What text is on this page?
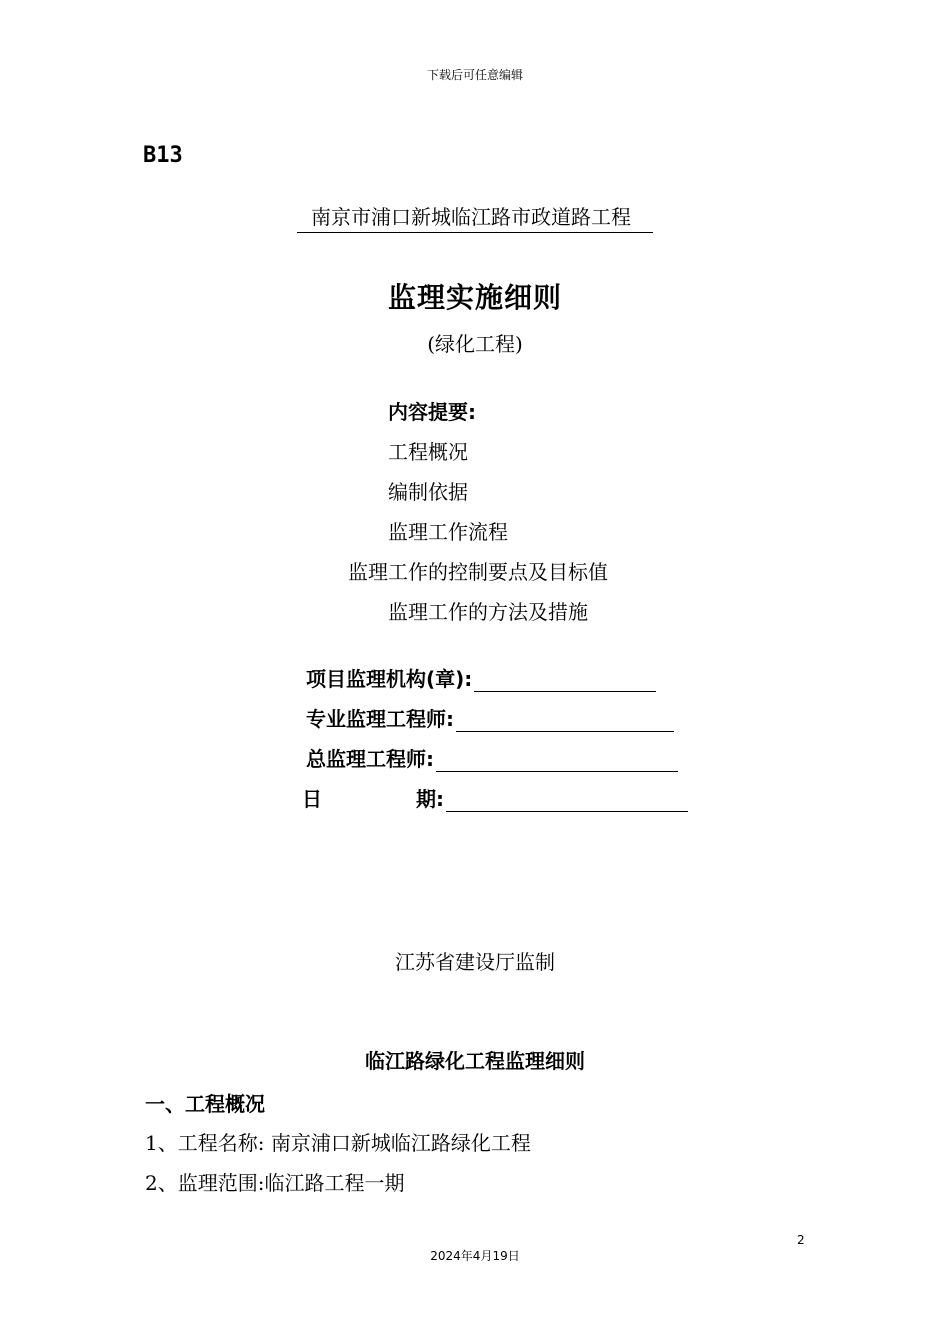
下载后可任意编辑
B13
南京市浦口新城临江路市政道路工程
监理实施细则
(绿化工程)
内容提要:
工程概况
编制依据
监理工作流程
监理工作的控制要点及目标值
监理工作的方法及措施
项目监理机构(章):
专业监理工程师:
总监理工程师:
日	期:
江苏省建设厅监制
临江路绿化工程监理细则
一、工程概况
1、工程名称: 南京浦口新城临江路绿化工程
2、监理范围:临江路工程一期
2
2024年4月19日
